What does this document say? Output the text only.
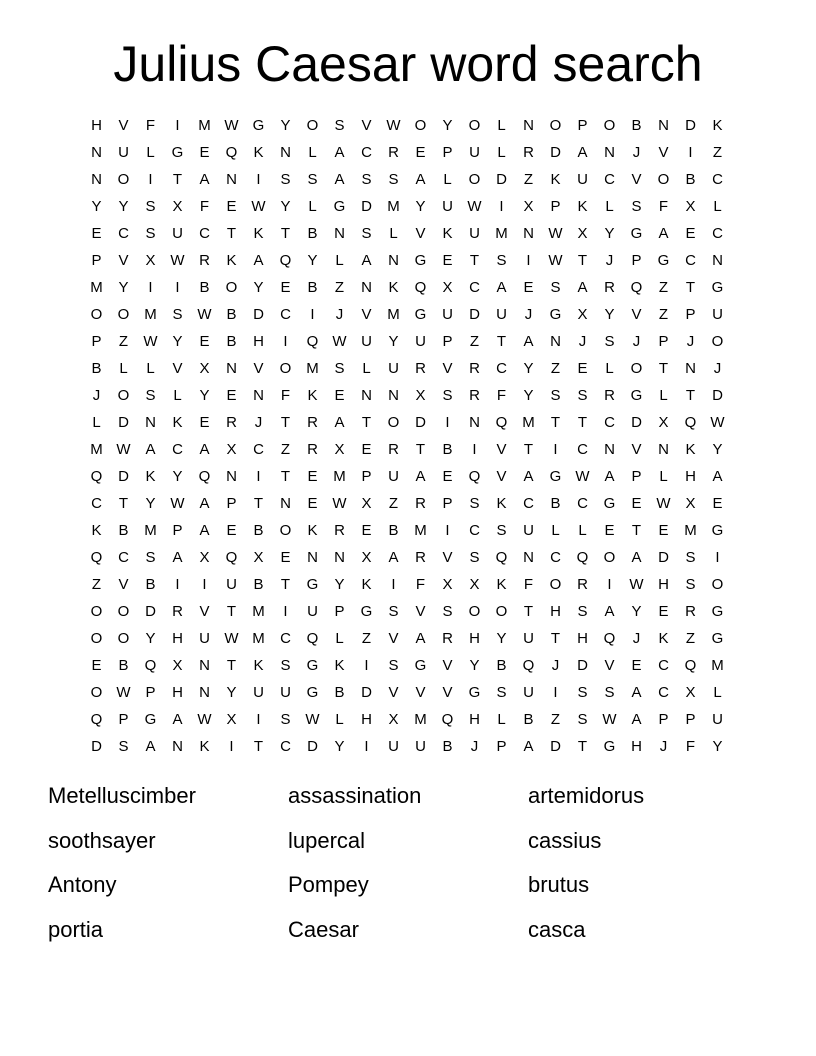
Julius Caesar word search
H	V	F	I	M W G	Y	O	S	V W O	Y	O	L	N	O	P	O	B	N	D	K
N	U	L	G	E	Q	K	N	L	A	C	R	E	P	U	L	R	D	A	N	J	V	I	Z
N	O	I	T	A	N	I	S	S	A	S	S	A	L	O	D	Z	K	U	C	V	O	B	C
Y	Y	S	X	F	E W Y	L	G	D	M	Y	U W	I	X	P	K	L	S	F	X	L
E	C	S	U	C	T	K	T	B	N	S	L	V	K	U	M	N W X	Y	G	A	E	C
P	V	X W R	K	A	Q	Y	L	A	N	G	E	T	S	I	W	T	J	P	G	C	N
M	Y	I	I	B	O	Y	E	B	Z	N	K	Q	X	C	A	E	S	A	R	Q	Z	T	G
O	O M	S W B	D	C	I	J	V	M G	U	D	U	J	G	X	Y	V	Z	P	U
P	Z	W Y	E	B	H	I	Q W U	Y	U	P	Z	T	A	N	J	S	J	P	J	O
B	L	L	V	X	N	V	O M	S	L	U	R	V	R	C	Y	Z	E	L	O	T	N	J
J	O	S	L	Y	E	N	F	K	E	N	N	X	S	R	F	Y	S	S	R	G	L	T	D
L	D	N	K	E	R	J	T	R	A	T	O	D	I	N	Q M	T	T	C	D	X	Q W
M W A	C	A	X	C	Z	R	X	E	R	T	B	I	V	T	I	C	N	V	N	K	Y
Q	D	K	Y	Q	N	I	T	E	M	P	U	A	E	Q	V	A	G W A	P	L	H	A
C	T	Y W A	P	T	N	E W X	Z	R	P	S	K	C	B	C	G	E W X	E
K	B	M	P	A	E	B	O	K	R	E	B	M	I	C	S	U	L	L	E	T	E	M G
Q	C	S	A	X	Q	X	E	N	N	X	A	R	V	S	Q	N	C	Q	O	A	D	S	I
Z	V	B	I	I	U	B	T	G	Y	K	I	F	X	X	K	F	O	R	I	W H	S	O
O	O	D	R	V	T	M	I	U	P	G	S	V	S	O	O	T	H	S	A	Y	E	R	G
O	O	Y	H	U W M	C	Q	L	Z	V	A	R	H	Y	U	T	H	Q	J	K	Z	G
E	B	Q	X	N	T	K	S	G	K	I	S	G	V	Y	B	Q	J	D	V	E	C	Q M
O W P	H	N	Y	U	U	G	B	D	V	V	V	G	S	U	I	S	S	A	C	X	L
Q	P	G	A W X	I	S W	L	H	X	M Q	H	L	B	Z	S W A	P	P	U
D	S	A	N	K	I	T	C	D	Y	I	U	U	B	J	P	A	D	T	G	H	J	F	Y
Metelluscimber	assassination	artemidorus
soothsayer	lupercal	cassius
Antony	Pompey	brutus
portia	Caesar	casca
